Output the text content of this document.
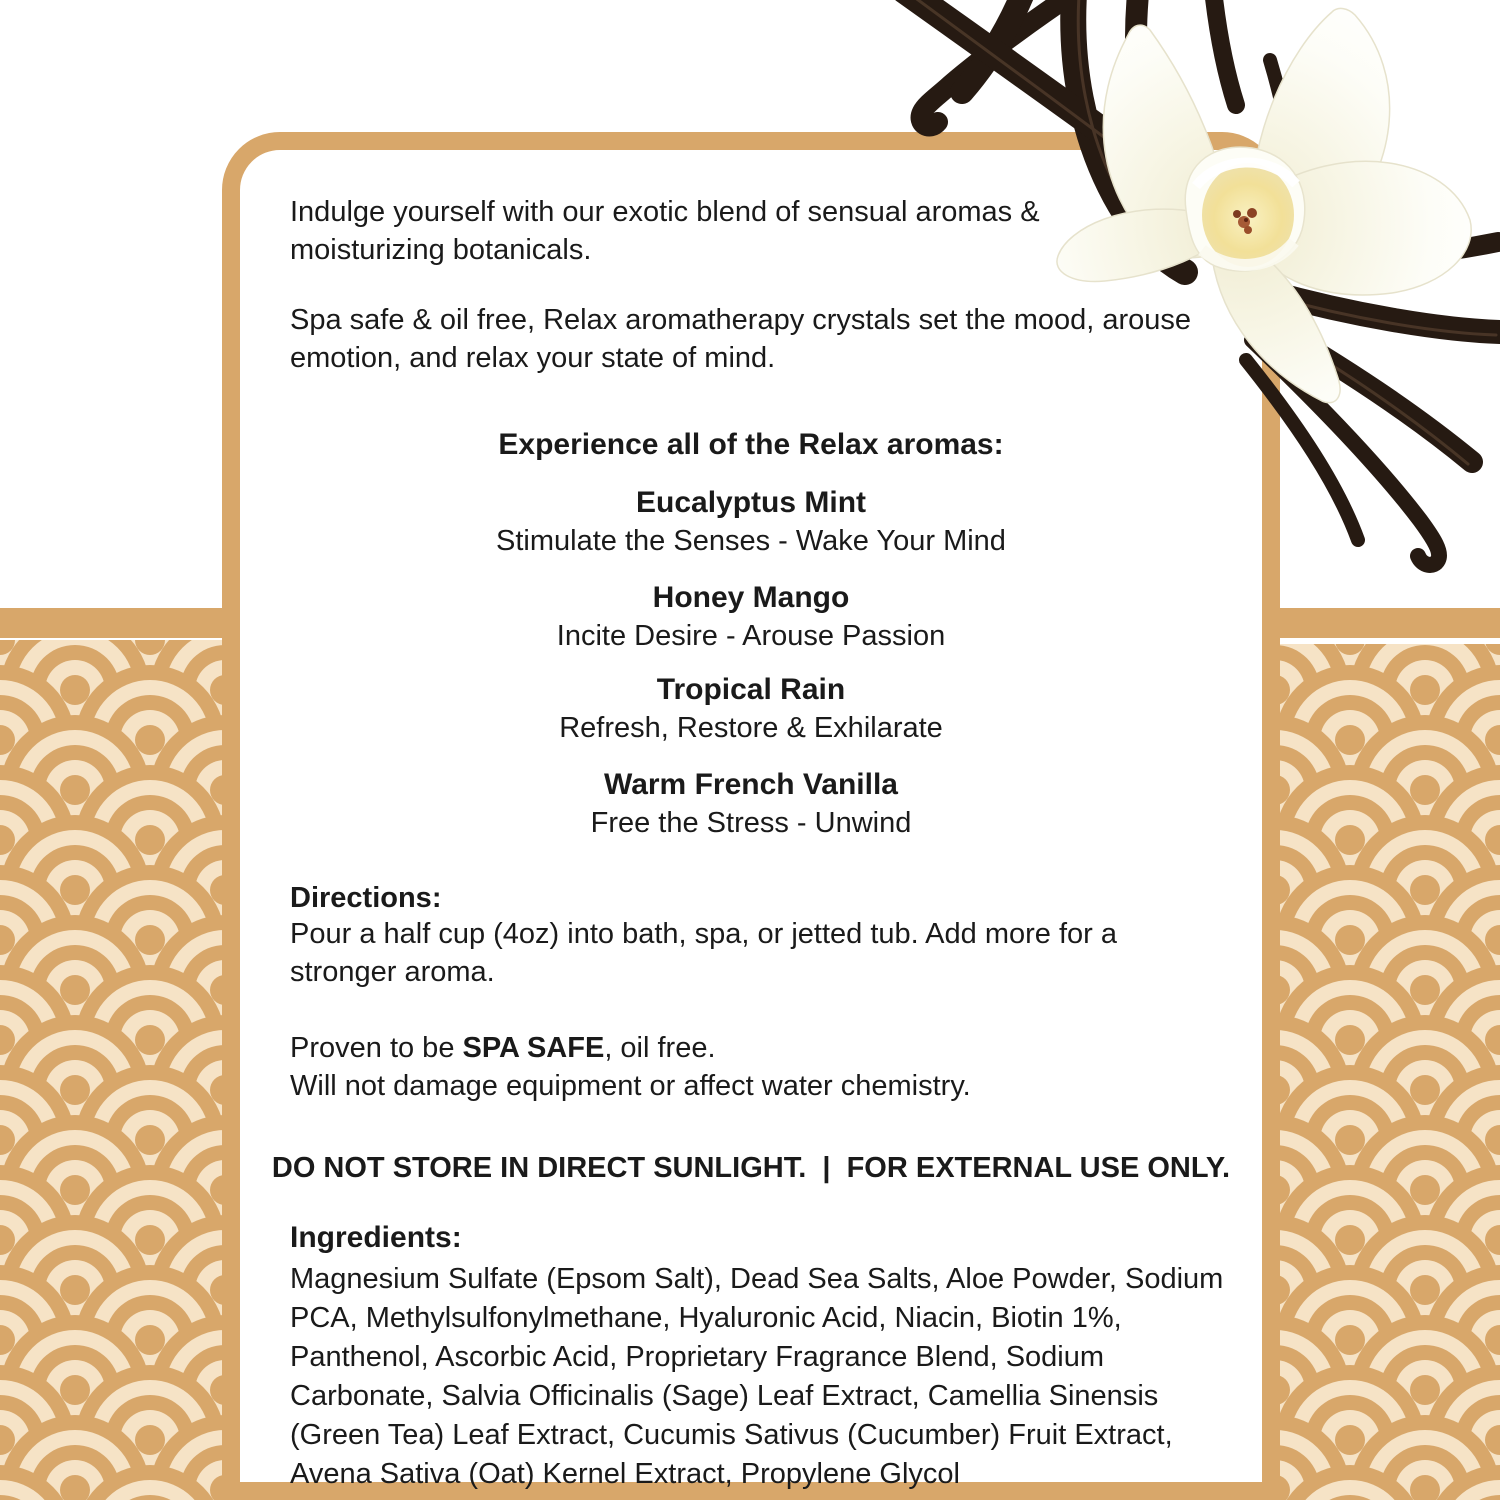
Indulge yourself with our exotic blend of sensual aromas & moisturizing botanicals.
Spa safe & oil free, Relax aromatherapy crystals set the mood, arouse emotion, and relax your state of mind.
Experience all of the Relax aromas:
Eucalyptus Mint
Stimulate the Senses - Wake Your Mind
Honey Mango
Incite Desire - Arouse Passion
Tropical Rain
Refresh, Restore & Exhilarate
Warm French Vanilla
Free the Stress - Unwind
Directions:
Pour a half cup (4oz) into bath, spa, or jetted tub. Add more for a stronger aroma.
Proven to be SPA SAFE, oil free.
Will not damage equipment or affect water chemistry.
DO NOT STORE IN DIRECT SUNLIGHT.  |  FOR EXTERNAL USE ONLY.
Ingredients:
Magnesium Sulfate (Epsom Salt), Dead Sea Salts, Aloe Powder, Sodium PCA, Methylsulfonylmethane, Hyaluronic Acid, Niacin, Biotin 1%, Panthenol, Ascorbic Acid, Proprietary Fragrance Blend, Sodium Carbonate, Salvia Officinalis (Sage) Leaf Extract, Camellia Sinensis (Green Tea) Leaf Extract, Cucumis Sativus (Cucumber) Fruit Extract, Avena Sativa (Oat) Kernel Extract, Propylene Glycol
